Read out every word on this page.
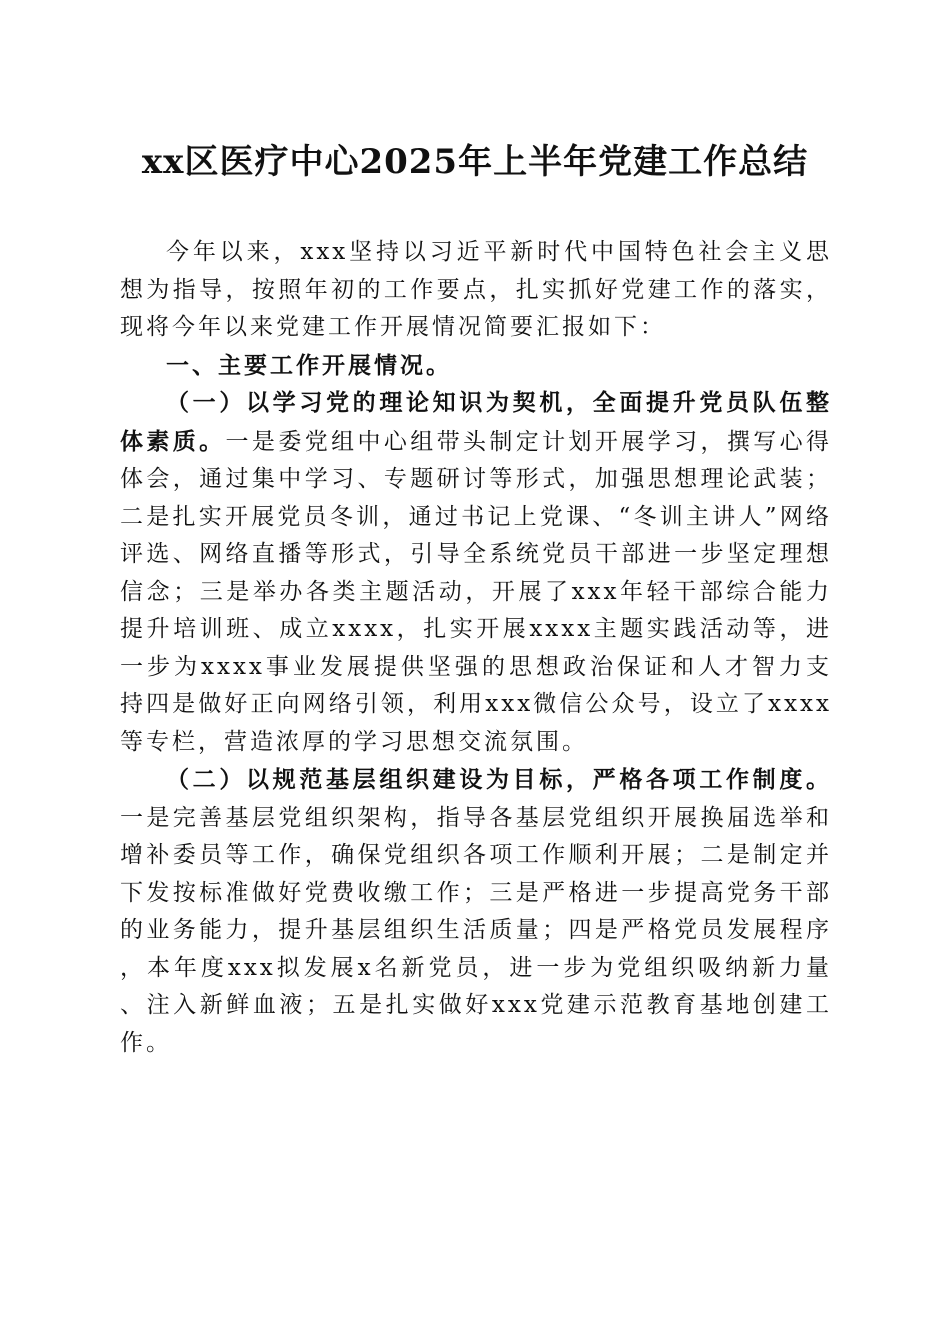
xx区医疗中心2025年上半年党建工作总结

今年以来，xxx坚持以习近平新时代中国特色社会主义思想为指导，按照年初的工作要点，扎实抓好党建工作的落实，现将今年以来党建工作开展情况简要汇报如下：

一、主要工作开展情况。

（一）以学习党的理论知识为契机，全面提升党员队伍整体素质。一是委党组中心组带头制定计划开展学习，撰写心得体会，通过集中学习、专题研讨等形式，加强思想理论武装；二是扎实开展党员冬训，通过书记上党课、“冬训主讲人”网络评选、网络直播等形式，引导全系统党员干部进一步坚定理想信念；三是举办各类主题活动，开展了xxx年轻干部综合能力提升培训班、成立xxxx，扎实开展xxxx主题实践活动等，进一步为xxxx事业发展提供坚强的思想政治保证和人才智力支持四是做好正向网络引领，利用xxx微信公众号，设立了xxxx等专栏，营造浓厚的学习思想交流氛围。

（二）以规范基层组织建设为目标，严格各项工作制度。一是完善基层党组织架构，指导各基层党组织开展换届选举和增补委员等工作，确保党组织各项工作顺利开展；二是制定并下发按标准做好党费收缴工作；三是严格进一步提高党务干部的业务能力，提升基层组织生活质量；四是严格党员发展程序，本年度xxx拟发展x名新党员，进一步为党组织吸纳新力量、注入新鲜血液；五是扎实做好xxx党建示范教育基地创建工作。
